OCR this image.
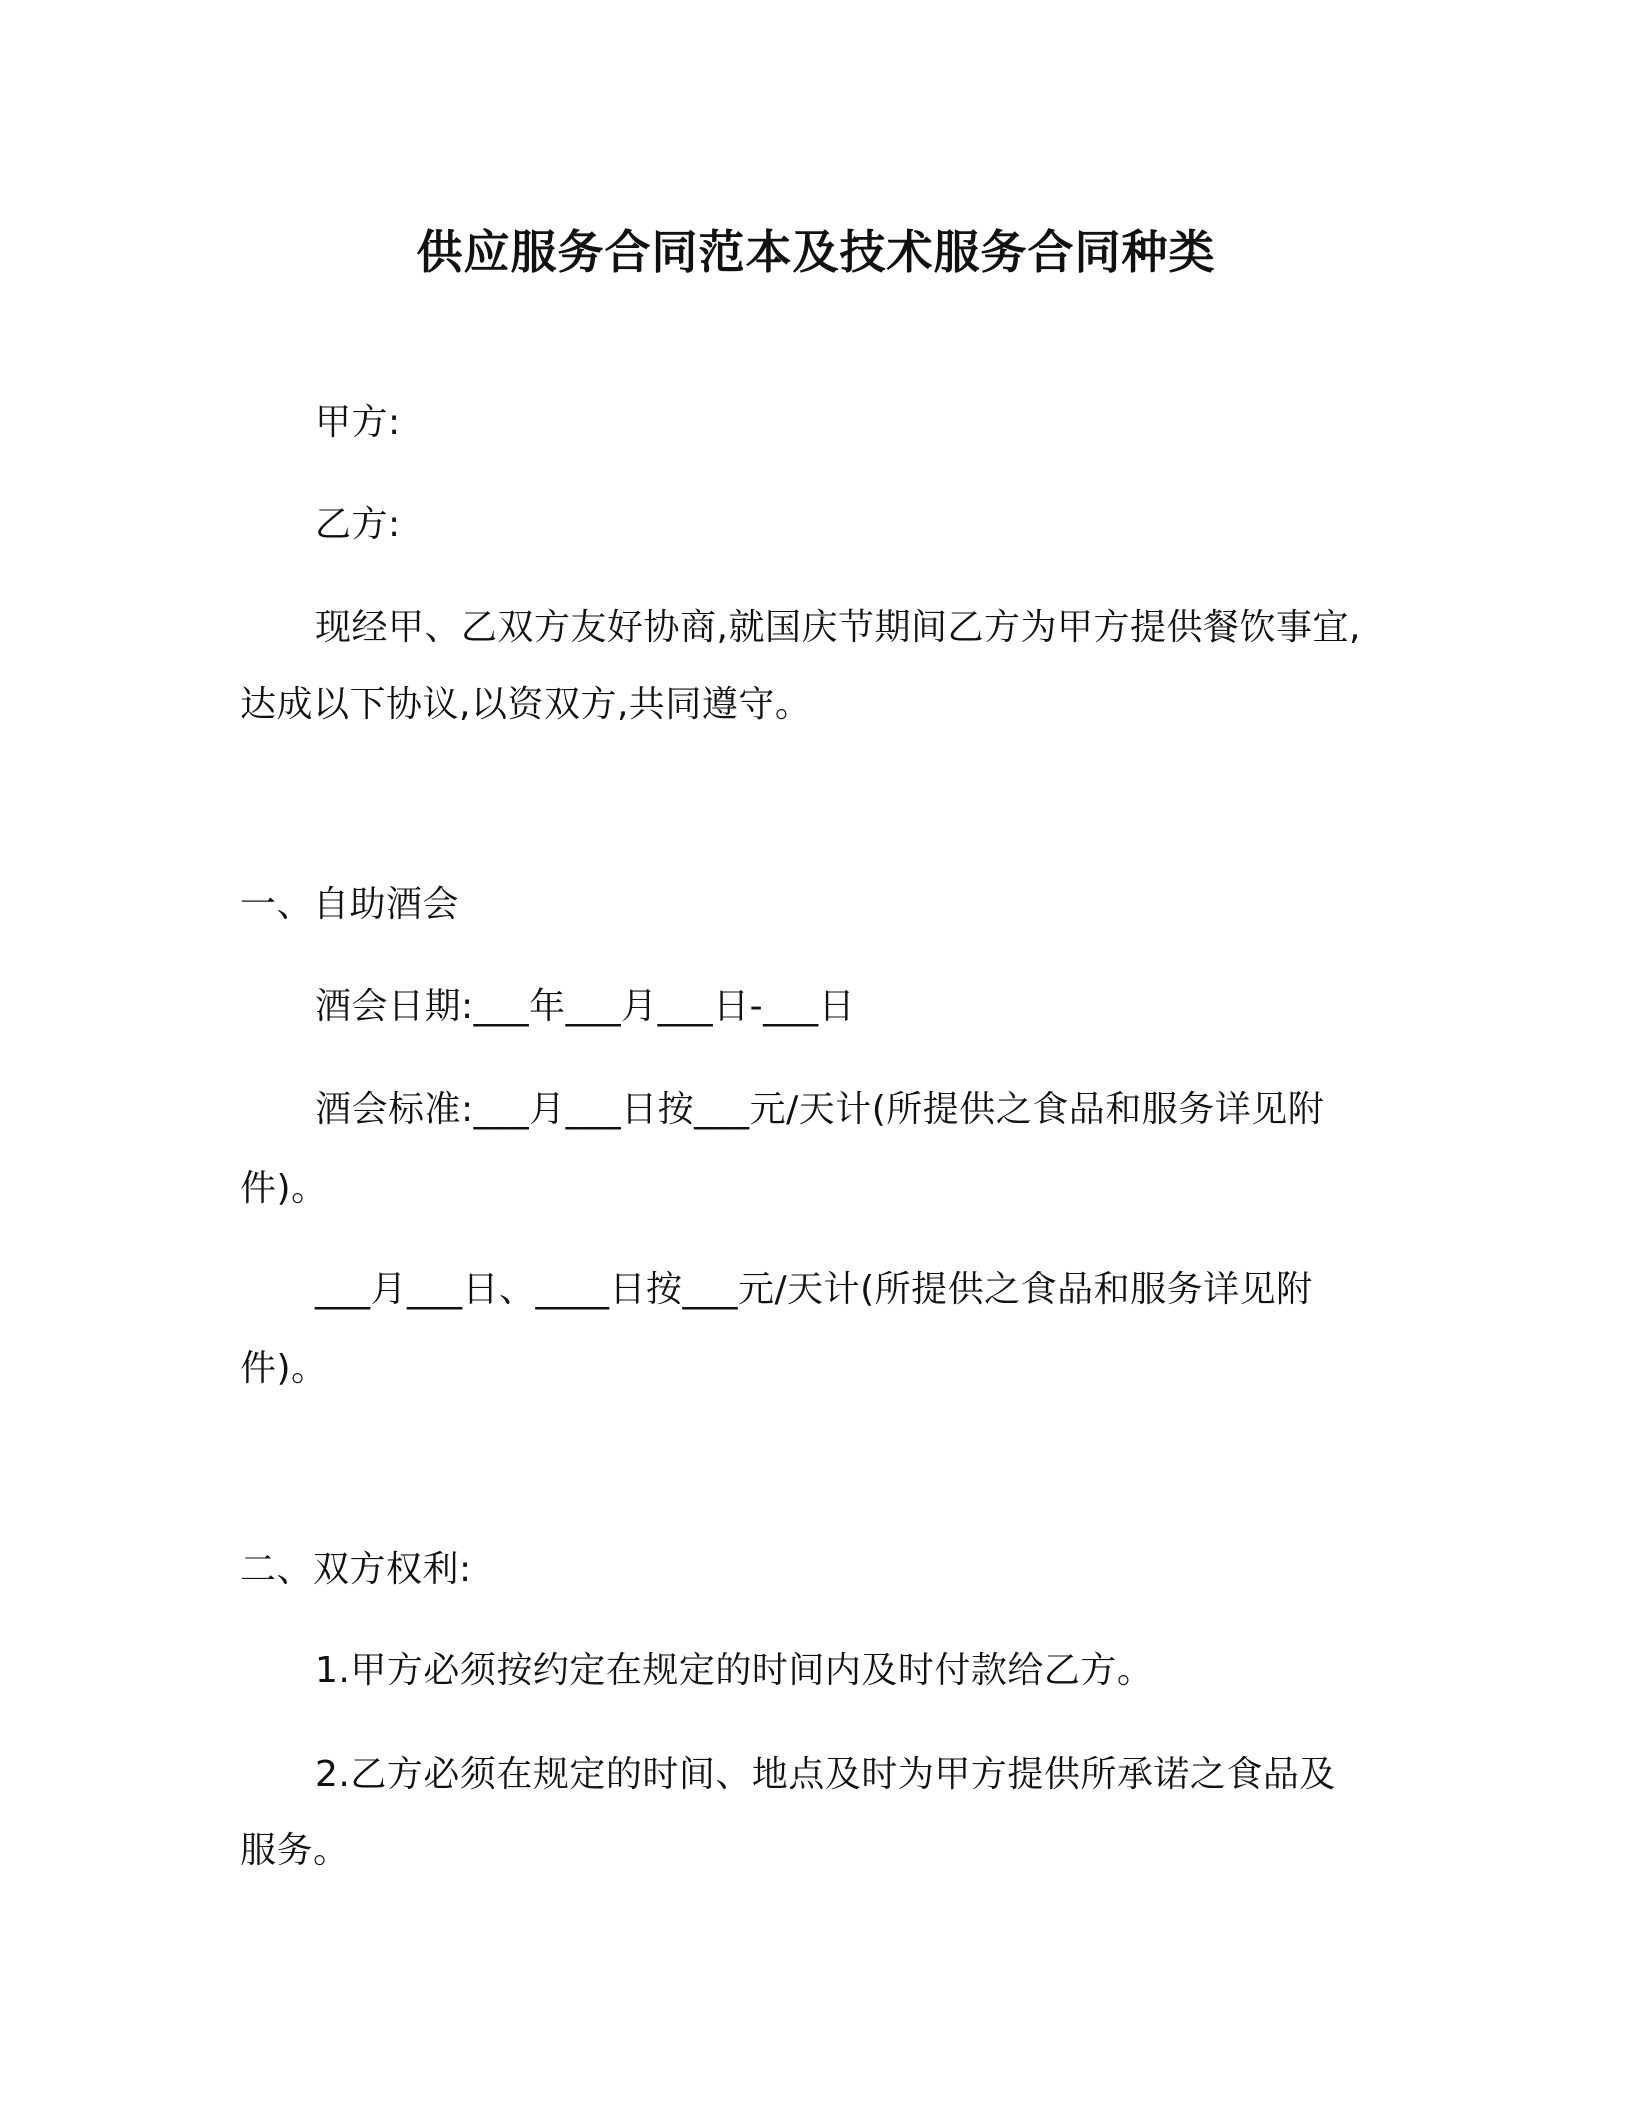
供应服务合同范本及技术服务合同种类
甲方:
乙方:
现经甲、乙双方友好协商,就国庆节期间乙方为甲方提供餐饮事宜,
达成以下协议,以资双方,共同遵守。
一、自助酒会
酒会日期:___年___月___日-___日
酒会标准:___月___日按___元/天计(所提供之食品和服务详见附
件)。
___月___日、____日按___元/天计(所提供之食品和服务详见附
件)。
二、双方权利:
1.甲方必须按约定在规定的时间内及时付款给乙方。
2.乙方必须在规定的时间、地点及时为甲方提供所承诺之食品及
服务。
